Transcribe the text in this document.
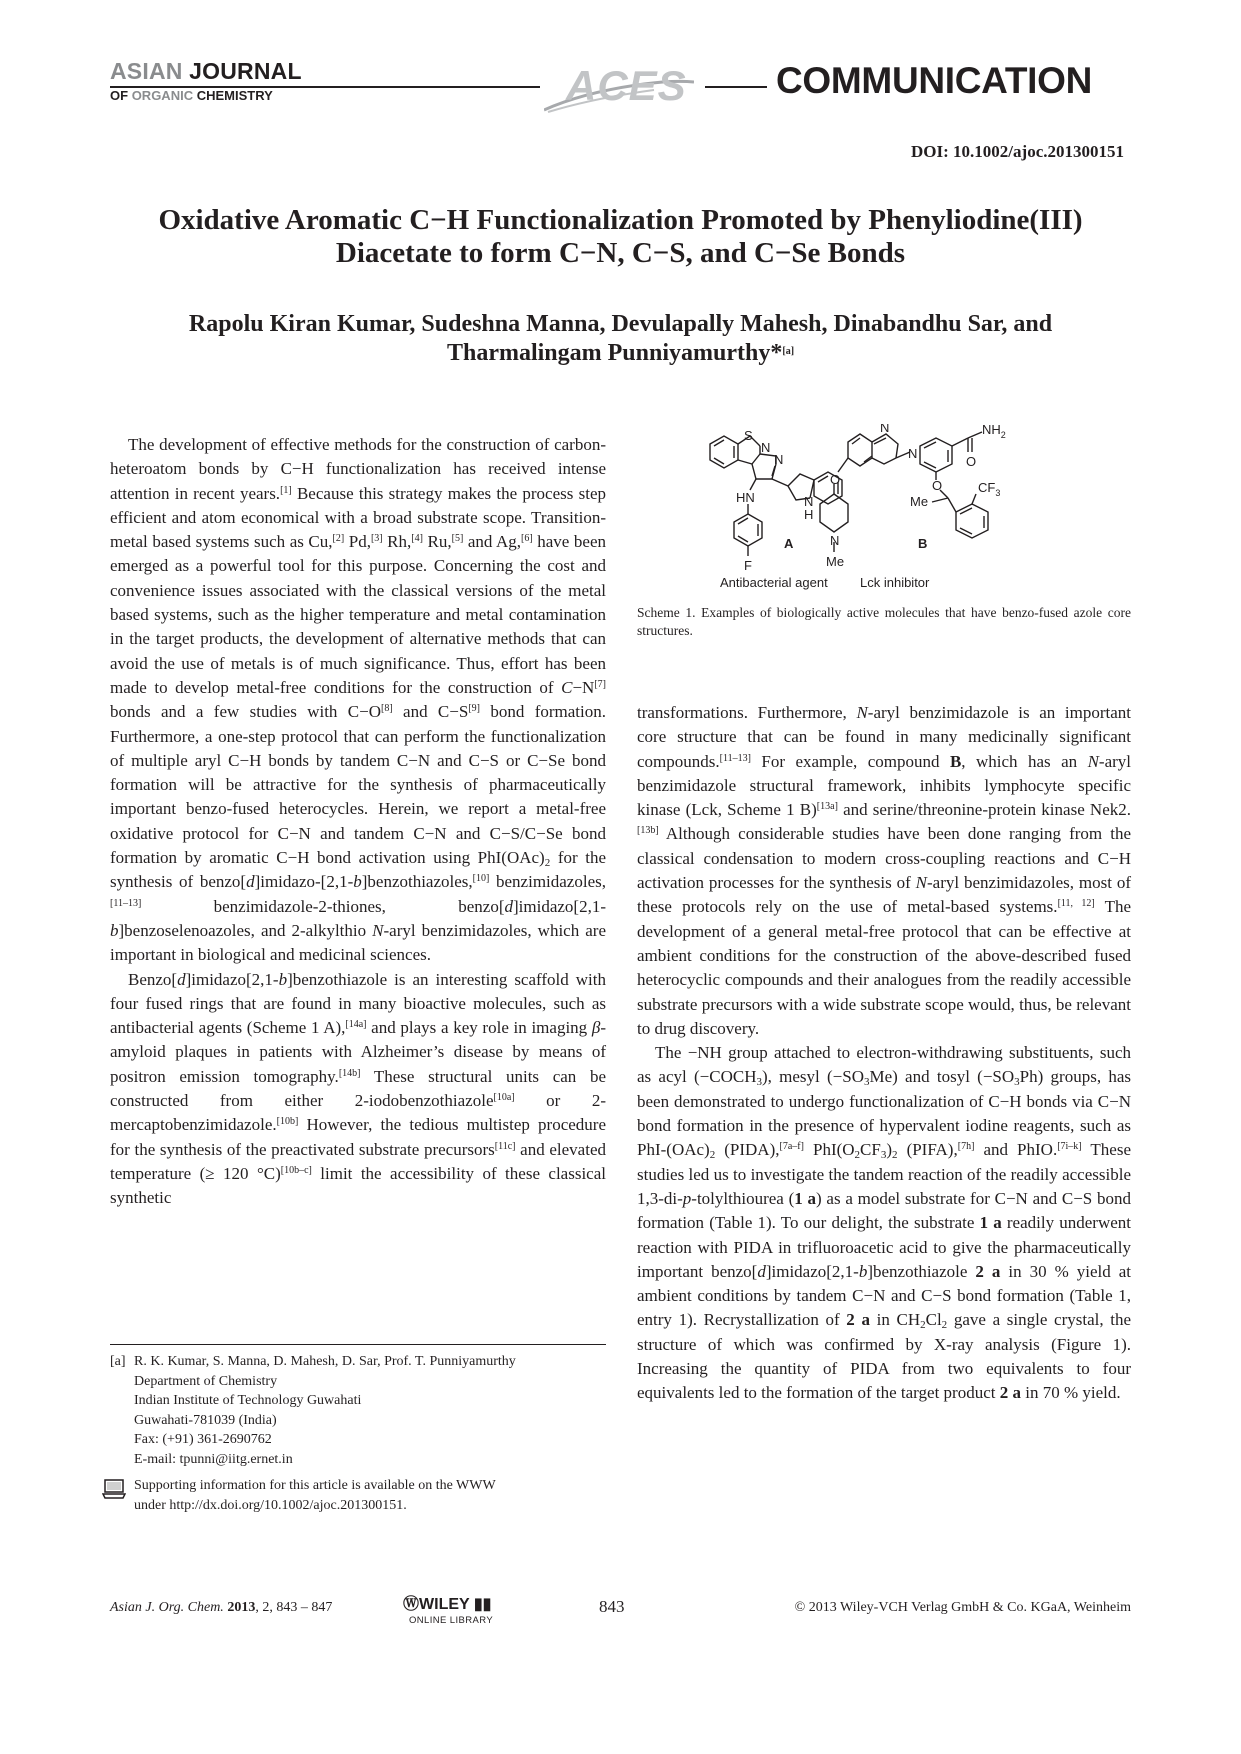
ASIAN JOURNAL
OF ORGANIC CHEMISTRY	ACES COMMUNICATION
DOI: 10.1002/ajoc.201300151
Oxidative Aromatic C−H Functionalization Promoted by Phenyliodine(III)
Diacetate to form C−N, C−S, and C−Se Bonds
Rapolu Kiran Kumar, Sudeshna Manna, Devulapally Mahesh, Dinabandhu Sar, and
Tharmalingam Punniyamurthy*[a]

The development of effective methods for the construction of carbon-heteroatom bonds by C−H functionalization has received intense attention in recent years.[1] Because this strategy makes the process step efficient and atom economical with a broad substrate scope. Transition-metal based systems such as Cu,[2] Pd,[3] Rh,[4] Ru,[5] and Ag,[6] have been emerged as a powerful tool for this purpose. Concerning the cost and convenience issues associated with the classical versions of the metal based systems, such as the higher temperature and metal contamination in the target products, the development of alternative methods that can avoid the use of metals is of much significance. Thus, effort has been made to develop metal-free conditions for the construction of C−N[7] bonds and a few studies with C−O[8] and C−S[9] bond formation. Furthermore, a one-step protocol that can perform the functionalization of multiple aryl C−H bonds by tandem C−N and C−S or C−Se bond formation will be attractive for the synthesis of pharmaceutically important benzo-fused heterocycles. Herein, we report a metal-free oxidative protocol for C−N and tandem C−N and C−S/C−Se bond formation by aromatic C−H bond activation using $PhI(OAc)_2$ for the synthesis of benzo[d]imidazo-[2,1-b]benzothiazoles,[10] benzimidazoles,[11–13] benzimidazole-2-thiones, benzo[d]imidazo[2,1-b]benzoselenoazoles, and 2-alkylthio N-aryl benzimidazoles, which are important in biological and medicinal sciences.

Benzo[d]imidazo[2,1-b]benzothiazole is an interesting scaffold with four fused rings that are found in many bioactive molecules, such as antibacterial agents (Scheme 1 A),[14a] and plays a key role in imaging β-amyloid plaques in patients with Alzheimer’s disease by means of positron emission tomography.[14b] These structural units can be constructed from either 2-iodobenzothiazole[10a] or 2-mercaptobenzimidazole.[10b] However, the tedious multistep procedure for the synthesis of the preactivated substrate precursors[11c] and elevated temperature (≥ 120 °C)[10b–c] limit the accessibility of these classical synthetic

S
N
N
HN	N
H
F
N
N
O
N
Me
$NH_2$
O
Me
O	$CF_3$
A	B
Antibacterial agent Lck inhibitor
Scheme 1. Examples of biologically active molecules that have benzo-fused azole core structures.

transformations. Furthermore, N-aryl benzimidazole is an important core structure that can be found in many medicinally significant compounds.[11–13] For example, compound B, which has an N-aryl benzimidazole structural framework, inhibits lymphocyte specific kinase (Lck, Scheme 1 B)[13a] and serine/threonine-protein kinase Nek2.[13b] Although considerable studies have been done ranging from the classical condensation to modern cross-coupling reactions and C−H activation processes for the synthesis of N-aryl benzimidazoles, most of these protocols rely on the use of metal-based systems.[11, 12] The development of a general metal-free protocol that can be effective at ambient conditions for the construction of the above-described fused heterocyclic compounds and their analogues from the readily accessible substrate precursors with a wide substrate scope would, thus, be relevant to drug discovery.

The −NH group attached to electron-withdrawing substituents, such as acyl $(-COCH_3)$, mesyl $(-SO_3Me)$ and tosyl $(-SO_3Ph)$ groups, has been demonstrated to undergo functionalization of C−H bonds via C−N bond formation in the presence of hypervalent iodine reagents, such as PhI-$(OAc)_2$ (PIDA),[7a–f] $PhI(O_2CF_3)_2$ (PIFA),[7h] and PhIO.[7i–k] These studies led us to investigate the tandem reaction of the readily accessible 1,3-di-p-tolylthiourea (1 a) as a model substrate for C−N and C−S bond formation (Table 1). To our delight, the substrate 1 a readily underwent reaction with PIDA in trifluoroacetic acid to give the pharmaceutically important benzo[d]imidazo[2,1-b]benzothiazole 2 a in 30 % yield at ambient conditions by tandem C−N and C−S bond formation (Table 1, entry 1). Recrystallization of 2 a in $CH_2Cl_2$ gave a single crystal, the structure of which was confirmed by X-ray analysis (Figure 1). Increasing the quantity of PIDA from two equivalents to four equivalents led to the formation of the target product 2 a in 70 % yield.

[a] R. K. Kumar, S. Manna, D. Mahesh, D. Sar, Prof. T. Punniyamurthy
Department of Chemistry
Indian Institute of Technology Guwahati
Guwahati-781039 (India)
Fax: (+91) 361-2690762
E-mail: tpunni@iitg.ernet.in
Supporting information for this article is available on the WWW
under http://dx.doi.org/10.1002/ajoc.201300151.
Asian J. Org. Chem. 2013, 2, 843 – 847	ⓌWILEY ▮▮
ONLINE LIBRARY
843	© 2013 Wiley-VCH Verlag GmbH & Co. KGaA, Weinheim
